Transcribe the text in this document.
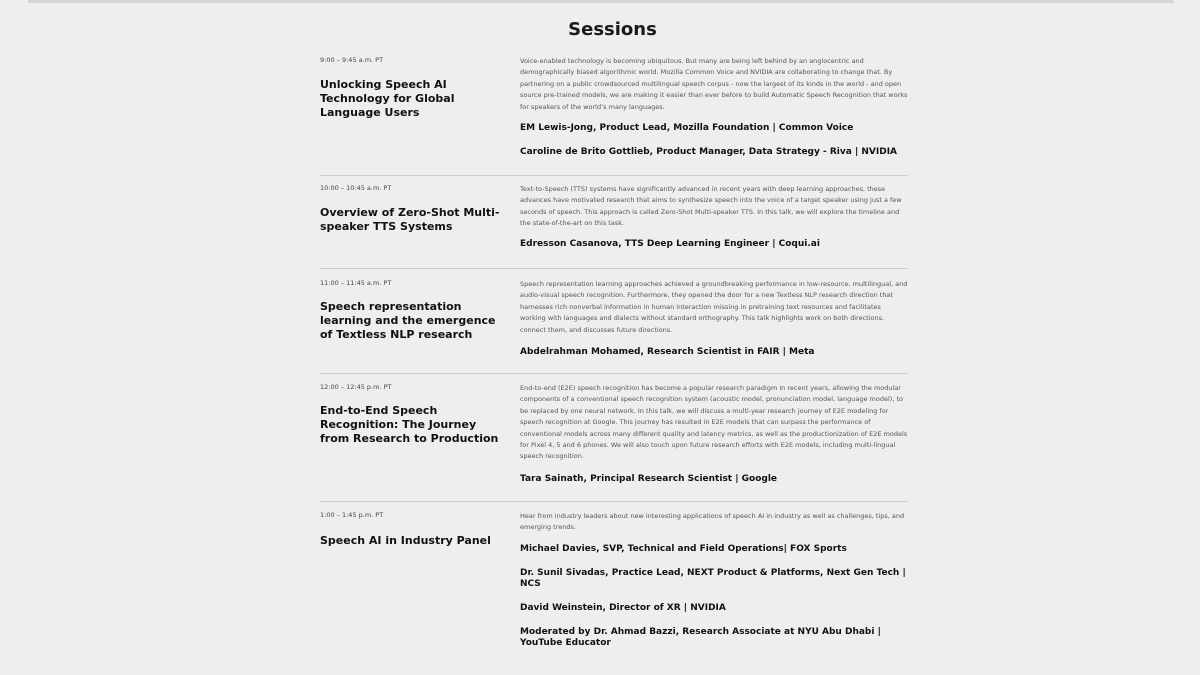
Sessions
9:00 – 9:45 a.m. PT
Unlocking Speech AI Technology for Global Language Users

Voice-enabled technology is becoming ubiquitous. But many are being left behind by an anglocentric and demographically biased algorithmic world. Mozilla Common Voice and NVIDIA are collaborating to change that. By partnering on a public crowdsourced multilingual speech corpus - now the largest of its kinds in the world - and open source pre-trained models, we are making it easier than ever before to build Automatic Speech Recognition that works for speakers of the world’s many languages.

EM Lewis-Jong, Product Lead, Mozilla Foundation | Common Voice

Caroline de Brito Gottlieb, Product Manager, Data Strategy - Riva | NVIDIA

10:00 – 10:45 a.m. PT
Overview of Zero-Shot Multi-speaker TTS Systems

Text-to-Speech (TTS) systems have significantly advanced in recent years with deep learning approaches, these advances have motivated research that aims to synthesize speech into the voice of a target speaker using just a few seconds of speech. This approach is called Zero-Shot Multi-speaker TTS. In this talk, we will explore the timeline and the state-of-the-art on this task.

Edresson Casanova, TTS Deep Learning Engineer | Coqui.ai

11:00 – 11:45 a.m. PT
Speech representation learning and the emergence of Textless NLP research

Speech representation learning approaches achieved a groundbreaking performance in low-resource, multilingual, and audio-visual speech recognition. Furthermore, they opened the door for a new Textless NLP research direction that harnesses rich nonverbal information in human interaction missing in pretraining text resources and facilitates working with languages and dialects without standard orthography. This talk highlights work on both directions, connect them, and discusses future directions.

Abdelrahman Mohamed, Research Scientist in FAIR | Meta

12:00 – 12:45 p.m. PT
End-to-End Speech Recognition: The Journey from Research to Production

End-to-end (E2E) speech recognition has become a popular research paradigm in recent years, allowing the modular components of a conventional speech recognition system (acoustic model, pronunciation model, language model), to be replaced by one neural network. In this talk, we will discuss a multi-year research journey of E2E modeling for speech recognition at Google. This journey has resulted in E2E models that can surpass the performance of conventional models across many different quality and latency metrics, as well as the productionization of E2E models for Pixel 4, 5 and 6 phones. We will also touch upon future research efforts with E2E models, including multi-lingual speech recognition.

Tara Sainath, Principal Research Scientist | Google

1:00 – 1:45 p.m. PT
Speech AI in Industry Panel

Hear from industry leaders about new interesting applications of speech AI in industry as well as challenges, tips, and emerging trends.

Michael Davies, SVP, Technical and Field Operations| FOX Sports

Dr. Sunil Sivadas, Practice Lead, NEXT Product & Platforms, Next Gen Tech | NCS

David Weinstein, Director of XR | NVIDIA

Moderated by Dr. Ahmad Bazzi, Research Associate at NYU Abu Dhabi | YouTube Educator
